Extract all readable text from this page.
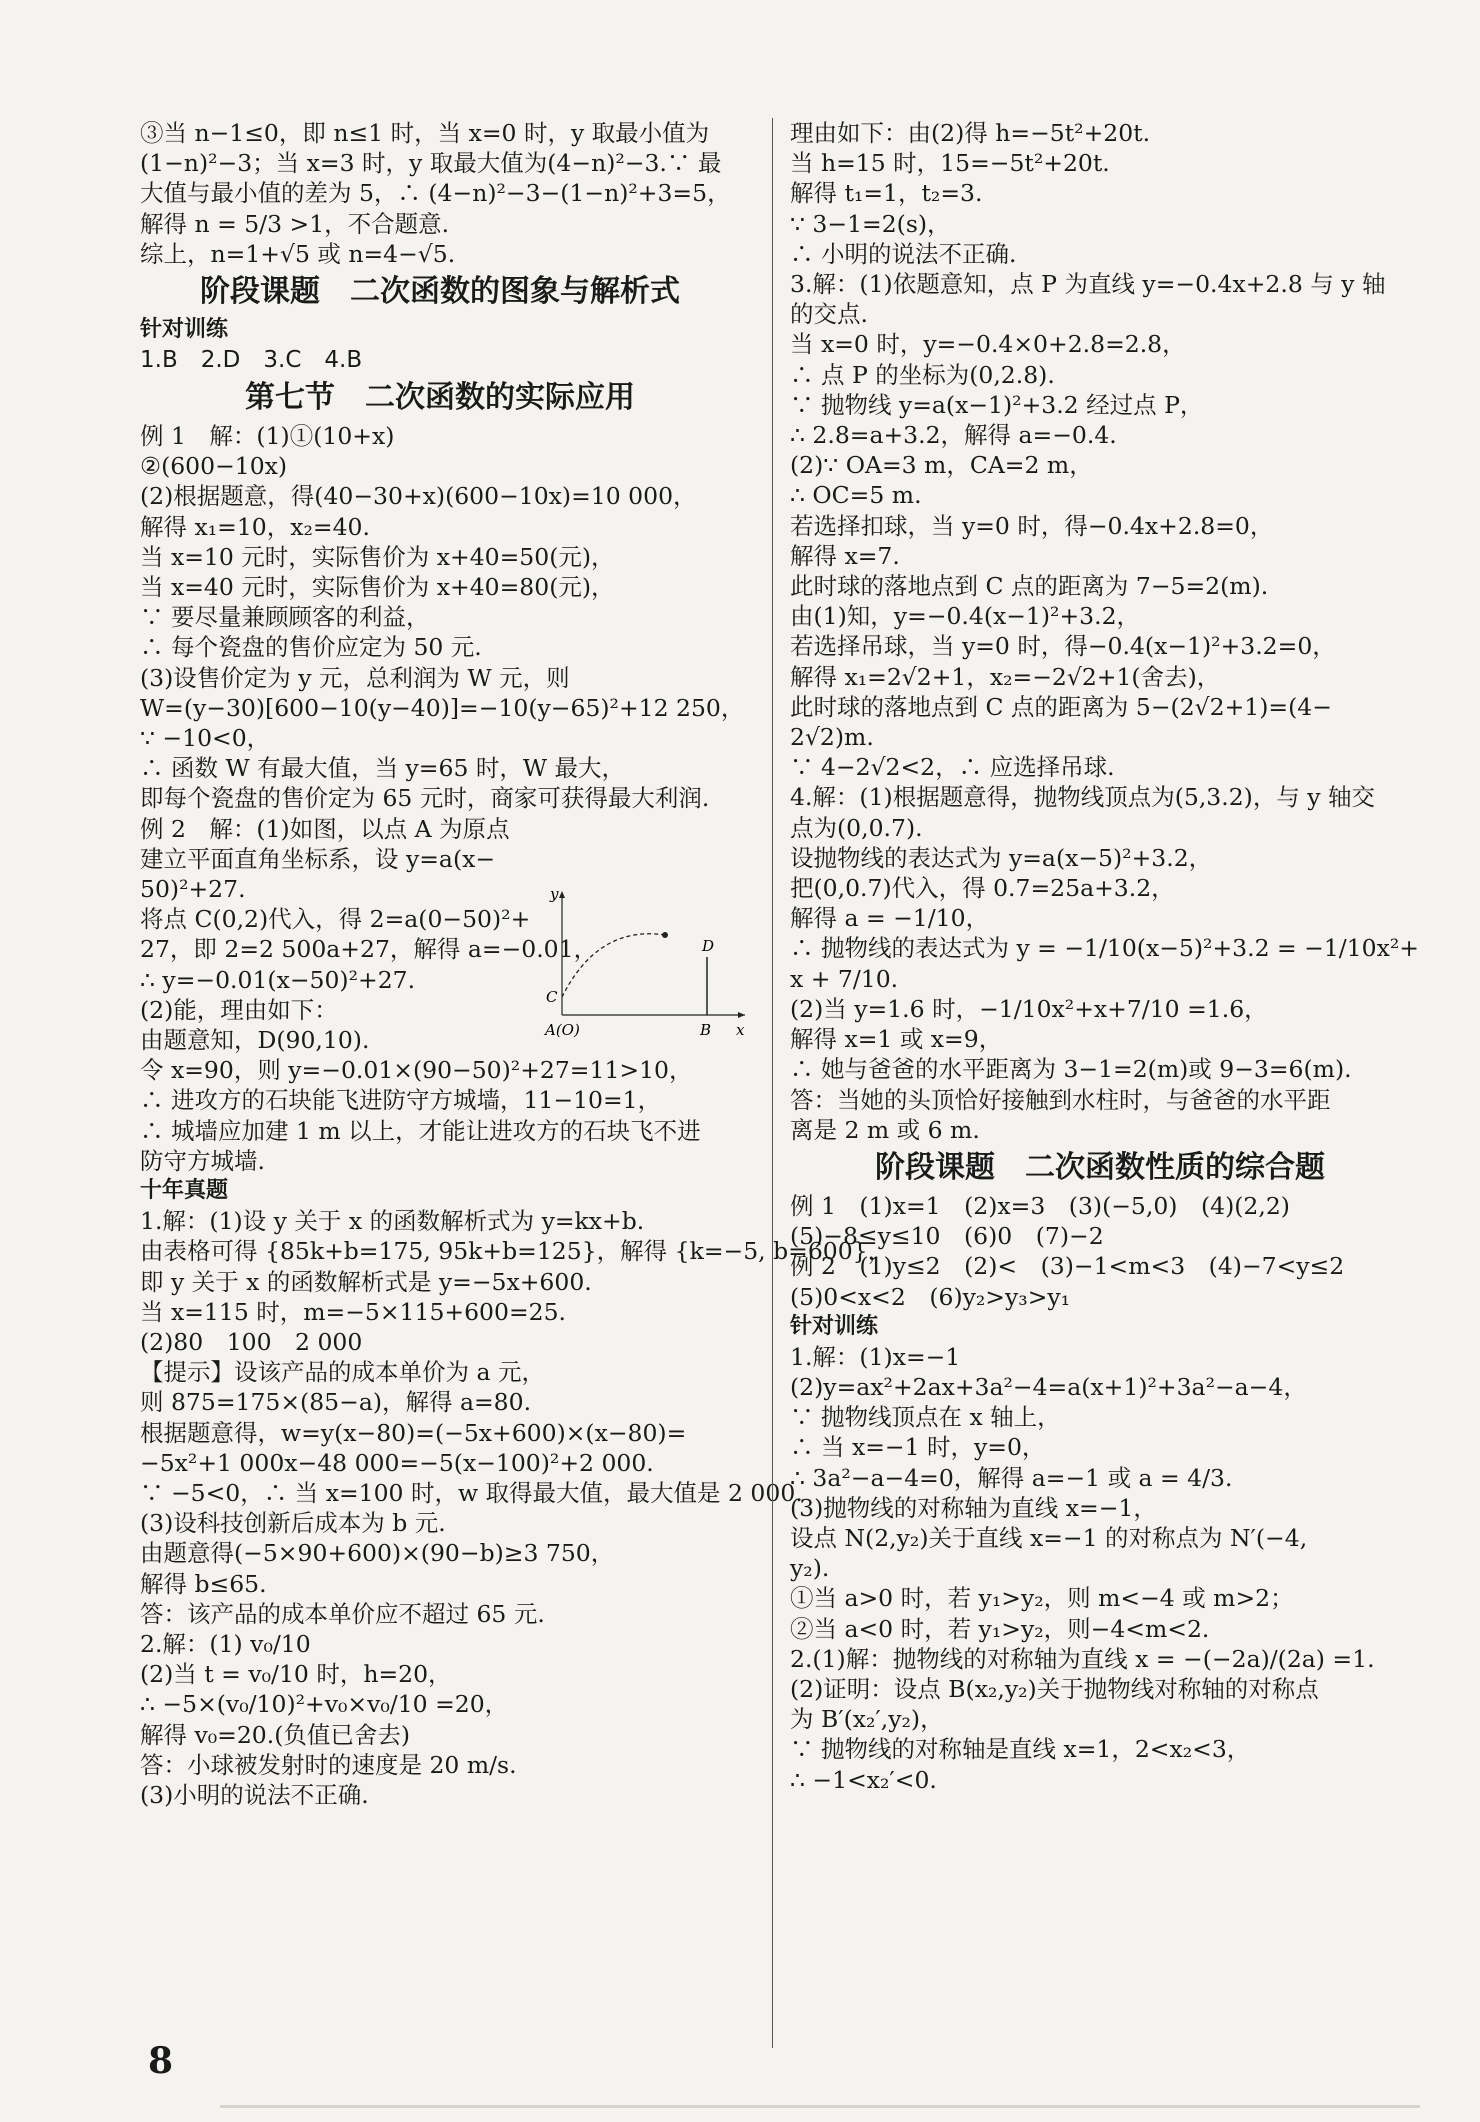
③当 n−1≤0，即 n≤1 时，当 x=0 时，y 取最小值为
(1−n)²−3；当 x=3 时，y 取最大值为(4−n)²−3.∵ 最
大值与最小值的差为 5，∴ (4−n)²−3−(1−n)²+3=5，
解得 n = 5/3 >1，不合题意.
综上，n=1+√5 或 n=4−√5.
阶段课题　二次函数的图象与解析式
针对训练
1.B　2.D　3.C　4.B
第七节　二次函数的实际应用
例 1　解：(1)①(10+x)
②(600−10x)
(2)根据题意，得(40−30+x)(600−10x)=10 000，
解得 x₁=10，x₂=40.
当 x=10 元时，实际售价为 x+40=50(元)，
当 x=40 元时，实际售价为 x+40=80(元)，
∵ 要尽量兼顾顾客的利益，
∴ 每个瓷盘的售价应定为 50 元.
(3)设售价定为 y 元，总利润为 W 元，则
W=(y−30)[600−10(y−40)]=−10(y−65)²+12 250，
∵ −10<0，
∴ 函数 W 有最大值，当 y=65 时，W 最大，
即每个瓷盘的售价定为 65 元时，商家可获得最大利润.
例 2　解：(1)如图，以点 A 为原点
建立平面直角坐标系，设 y=a(x−
50)²+27.
将点 C(0,2)代入，得 2=a(0−50)²+
27，即 2=2 500a+27，解得 a=−0.01，
∴ y=−0.01(x−50)²+27.
(2)能，理由如下：
由题意知，D(90,10).
令 x=90，则 y=−0.01×(90−50)²+27=11>10，
∴ 进攻方的石块能飞进防守方城墙，11−10=1，
∴ 城墙应加建 1 m 以上，才能让进攻方的石块飞不进
防守方城墙.
十年真题
1.解：(1)设 y 关于 x 的函数解析式为 y=kx+b.
由表格可得 {85k+b=175, 95k+b=125}，解得 {k=−5, b=600}，
即 y 关于 x 的函数解析式是 y=−5x+600.
当 x=115 时，m=−5×115+600=25.
(2)80　100　2 000
【提示】设该产品的成本单价为 a 元，
则 875=175×(85−a)，解得 a=80.
根据题意得，w=y(x−80)=(−5x+600)×(x−80)=
−5x²+1 000x−48 000=−5(x−100)²+2 000.
∵ −5<0，∴ 当 x=100 时，w 取得最大值，最大值是 2 000.
(3)设科技创新后成本为 b 元.
由题意得(−5×90+600)×(90−b)≥3 750，
解得 b≤65.
答：该产品的成本单价应不超过 65 元.
2.解：(1) v₀/10
(2)当 t = v₀/10 时，h=20，
∴ −5×(v₀/10)²+v₀×v₀/10 =20，
解得 v₀=20.(负值已舍去)
答：小球被发射时的速度是 20 m/s.
(3)小明的说法不正确.
理由如下：由(2)得 h=−5t²+20t.
当 h=15 时，15=−5t²+20t.
解得 t₁=1，t₂=3.
∵ 3−1=2(s)，
∴ 小明的说法不正确.
3.解：(1)依题意知，点 P 为直线 y=−0.4x+2.8 与 y 轴
的交点.
当 x=0 时，y=−0.4×0+2.8=2.8，
∴ 点 P 的坐标为(0,2.8).
∵ 抛物线 y=a(x−1)²+3.2 经过点 P，
∴ 2.8=a+3.2，解得 a=−0.4.
(2)∵ OA=3 m，CA=2 m，
∴ OC=5 m.
若选择扣球，当 y=0 时，得−0.4x+2.8=0，
解得 x=7.
此时球的落地点到 C 点的距离为 7−5=2(m).
由(1)知，y=−0.4(x−1)²+3.2，
若选择吊球，当 y=0 时，得−0.4(x−1)²+3.2=0，
解得 x₁=2√2+1，x₂=−2√2+1(舍去)，
此时球的落地点到 C 点的距离为 5−(2√2+1)=(4−
2√2)m.
∵ 4−2√2<2，∴ 应选择吊球.
4.解：(1)根据题意得，抛物线顶点为(5,3.2)，与 y 轴交
点为(0,0.7).
设抛物线的表达式为 y=a(x−5)²+3.2，
把(0,0.7)代入，得 0.7=25a+3.2，
解得 a = −1/10，
∴ 抛物线的表达式为 y = −1/10(x−5)²+3.2 = −1/10x²+
x + 7/10.
(2)当 y=1.6 时，−1/10x²+x+7/10 =1.6，
解得 x=1 或 x=9，
∴ 她与爸爸的水平距离为 3−1=2(m)或 9−3=6(m).
答：当她的头顶恰好接触到水柱时，与爸爸的水平距
离是 2 m 或 6 m.
阶段课题　二次函数性质的综合题
例 1　(1)x=1　(2)x=3　(3)(−5,0)　(4)(2,2)
(5)−8≤y≤10　(6)0　(7)−2
例 2　(1)y≤2　(2)<　(3)−1<m<3　(4)−7<y≤2
(5)0<x<2　(6)y₂>y₃>y₁
针对训练
1.解：(1)x=−1
(2)y=ax²+2ax+3a²−4=a(x+1)²+3a²−a−4，
∵ 抛物线顶点在 x 轴上，
∴ 当 x=−1 时，y=0，
∴ 3a²−a−4=0，解得 a=−1 或 a = 4/3.
(3)抛物线的对称轴为直线 x=−1，
设点 N(2,y₂)关于直线 x=−1 的对称点为 N′(−4,
y₂).
①当 a>0 时，若 y₁>y₂，则 m<−4 或 m>2；
②当 a<0 时，若 y₁>y₂，则−4<m<2.
2.(1)解：抛物线的对称轴为直线 x = −(−2a)/(2a) =1.
(2)证明：设点 B(x₂,y₂)关于抛物线对称轴的对称点
为 B′(x₂′,y₂)，
∵ 抛物线的对称轴是直线 x=1，2<x₂<3，
∴ −1<x₂′<0.
y
x
A(O)	B
C
D
8
